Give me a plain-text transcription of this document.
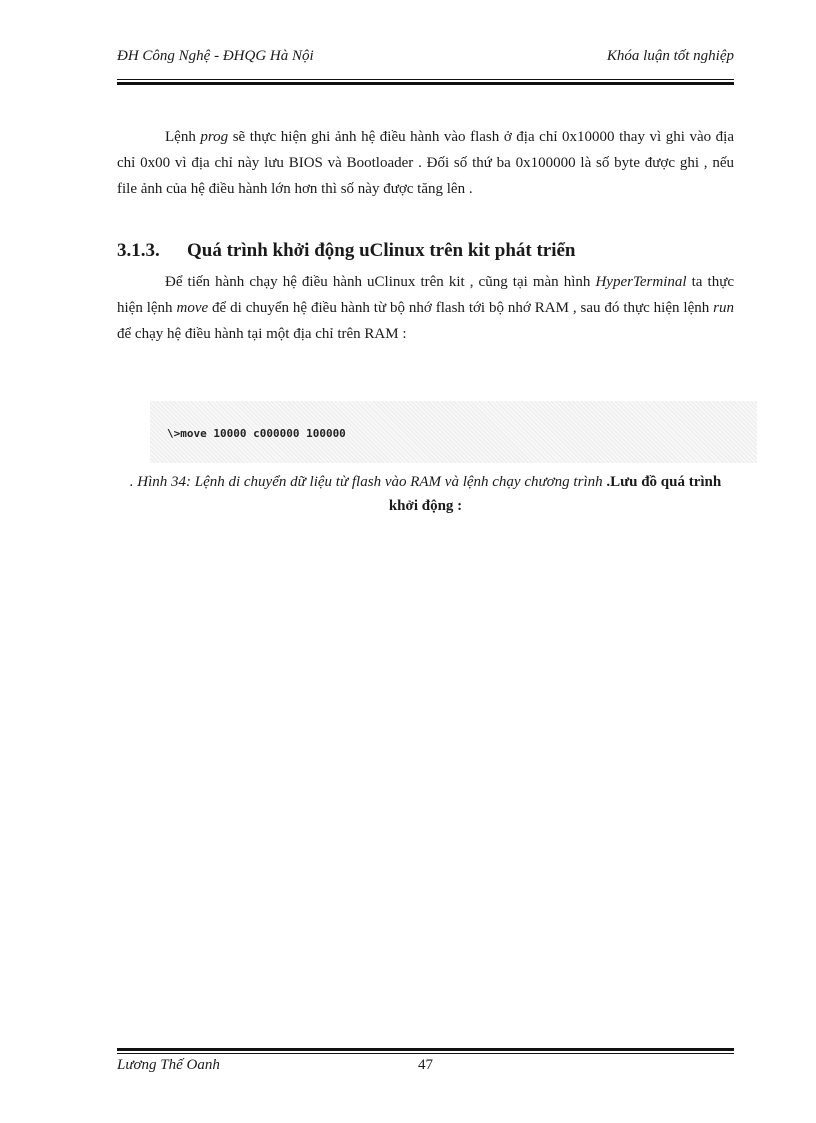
ĐH Công Nghệ - ĐHQG Hà Nội	Khóa luận tốt nghiệp

Lệnh prog sẽ thực hiện ghi ảnh hệ điều hành vào flash ở địa chỉ 0x10000 thay vì ghi vào địa chỉ 0x00 vì địa chỉ này lưu BIOS và Bootloader . Đối số thứ ba 0x100000 là số byte được ghi , nếu file ảnh của hệ điều hành lớn hơn thì số này được tăng lên .

3.1.3. Quá trình khởi động uClinux trên kit phát triển

Để tiến hành chạy hệ điều hành uClinux trên kit , cũng tại màn hình HyperTerminal ta thực hiện lệnh move để di chuyển hệ điều hành từ bộ nhớ flash tới bộ nhớ RAM , sau đó thực hiện lệnh run để chạy hệ điều hành tại một địa chỉ trên RAM :

\>move 10000 c000000 100000

. Hình 34: Lệnh di chuyển dữ liệu từ flash vào RAM và lệnh chạy chương trình .Lưu đồ quá trình khởi động :
Lương Thế Oanh	47
